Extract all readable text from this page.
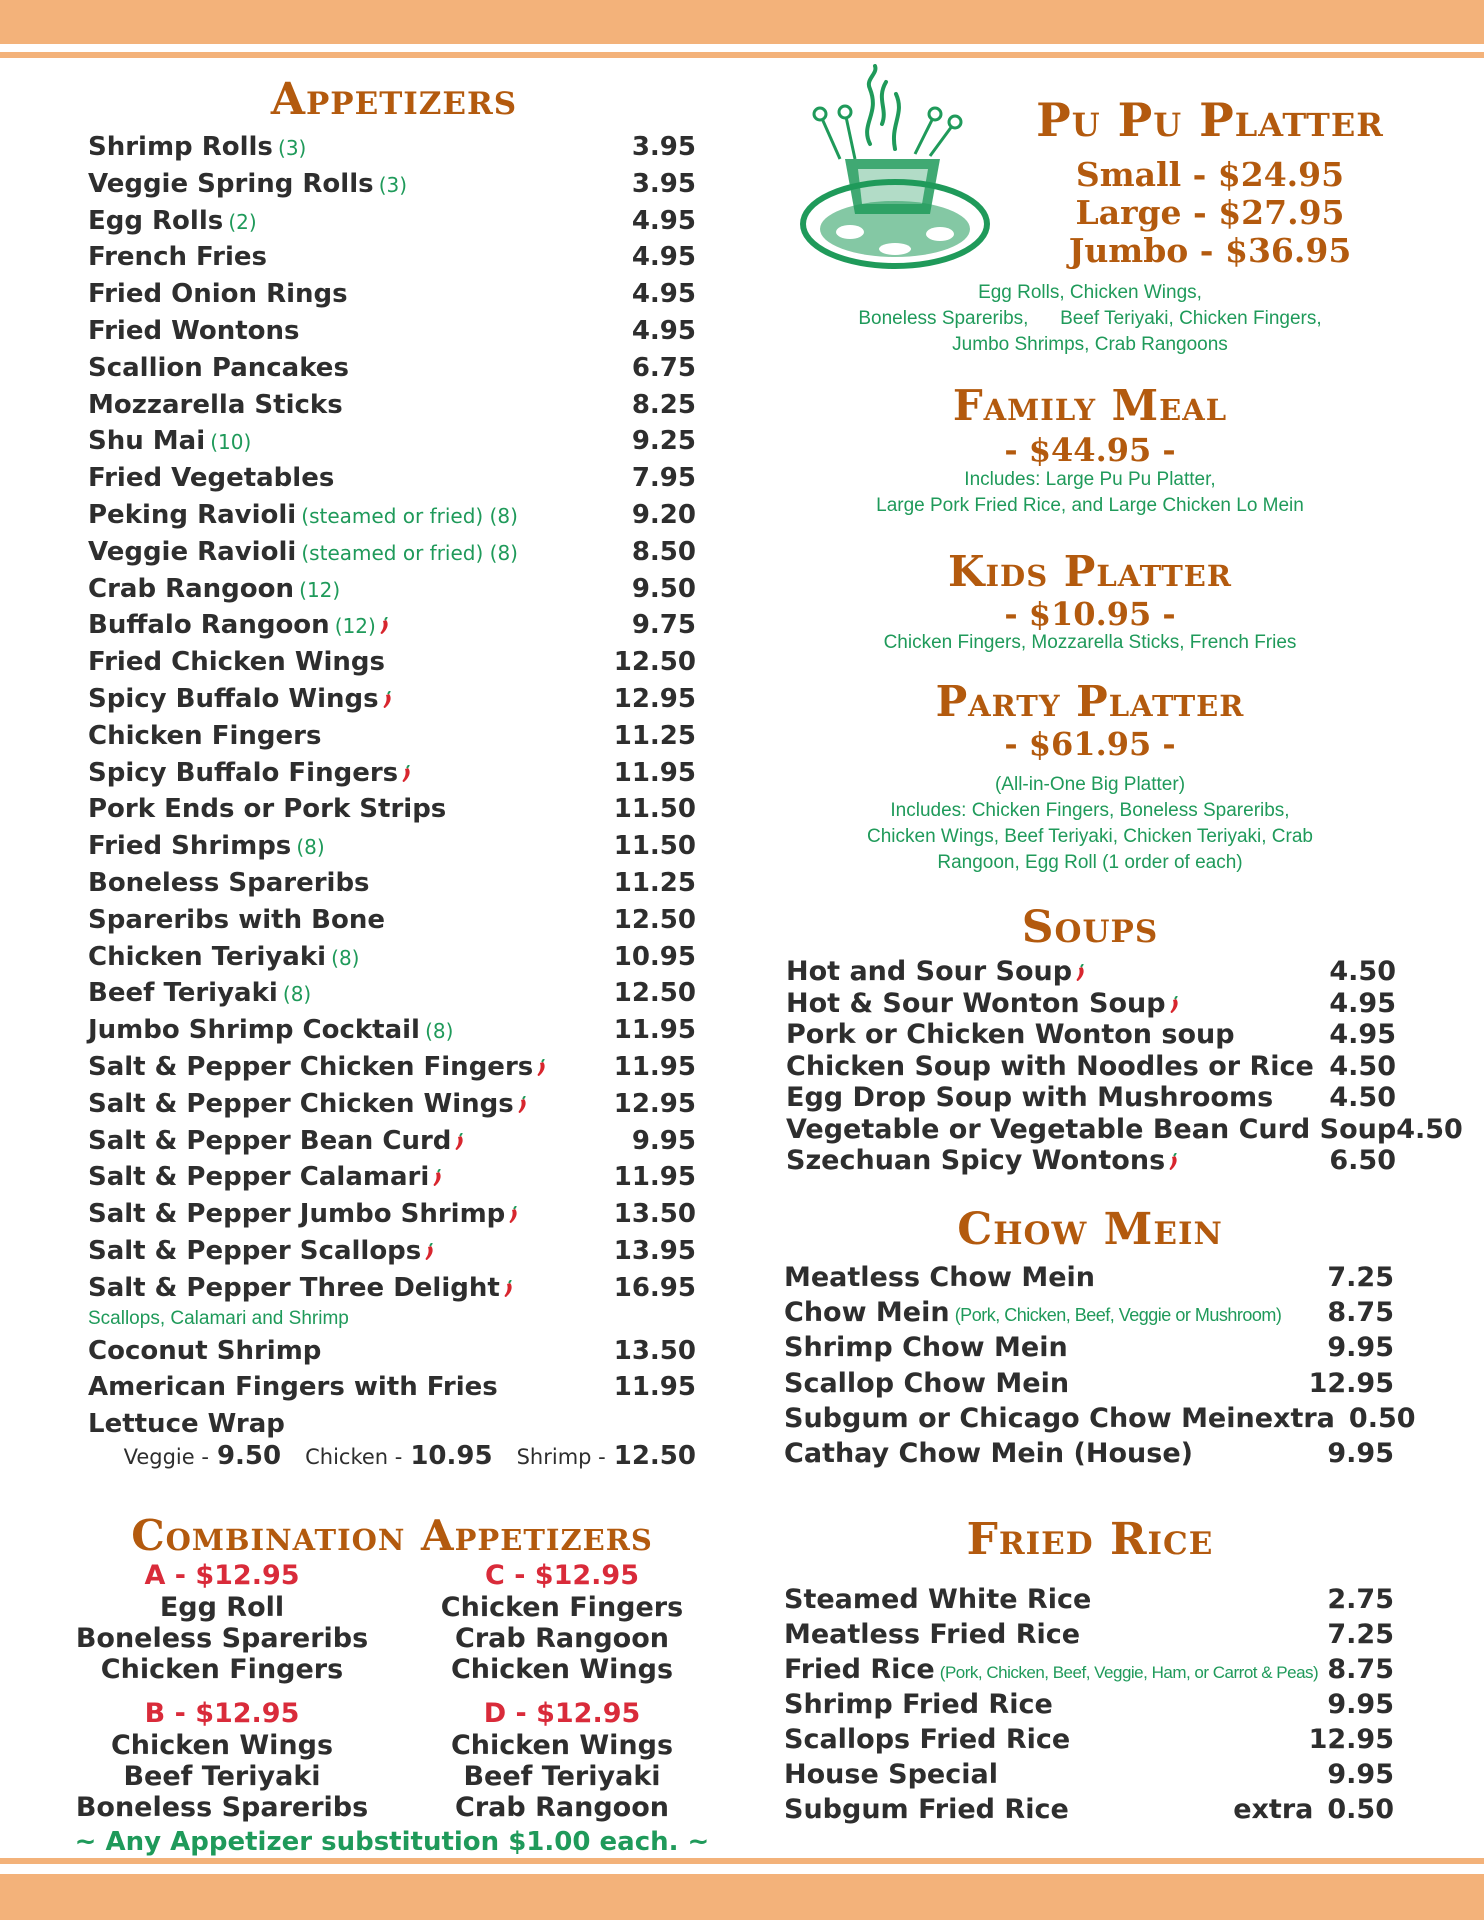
Appetizers
Shrimp Rolls (3)	3.95
Veggie Spring Rolls (3)	3.95
Egg Rolls (2)	4.95
French Fries	4.95
Fried Onion Rings	4.95
Fried Wontons	4.95
Scallion Pancakes	6.75
Mozzarella Sticks	8.25
Shu Mai (10)	9.25
Fried Vegetables	7.95
Peking Ravioli (steamed or fried) (8)	9.20
Veggie Ravioli (steamed or fried) (8)	8.50
Crab Rangoon (12)	9.50
Buffalo Rangoon (12)	9.75
Fried Chicken Wings	12.50
Spicy Buffalo Wings	12.95
Chicken Fingers	11.25
Spicy Buffalo Fingers	11.95
Pork Ends or Pork Strips	11.50
Fried Shrimps (8)	11.50
Boneless Spareribs	11.25
Spareribs with Bone	12.50
Chicken Teriyaki (8)	10.95
Beef Teriyaki (8)	12.50
Jumbo Shrimp Cocktail (8)	11.95
Salt & Pepper Chicken Fingers	11.95
Salt & Pepper Chicken Wings	12.95
Salt & Pepper Bean Curd	9.95
Salt & Pepper Calamari	11.95
Salt & Pepper Jumbo Shrimp	13.50
Salt & Pepper Scallops	13.95
Salt & Pepper Three Delight	16.95
Scallops, Calamari and Shrimp
Coconut Shrimp	13.50
American Fingers with Fries	11.95
Lettuce Wrap
Veggie - 9.50 Chicken - 10.95 Shrimp - 12.50
Combination Appetizers
A - $12.95
Egg Roll
Boneless Spareribs
Chicken Fingers
C - $12.95
Chicken Fingers
Crab Rangoon
Chicken Wings
B - $12.95
Chicken Wings
Beef Teriyaki
Boneless Spareribs
D - $12.95
Chicken Wings
Beef Teriyaki
Crab Rangoon
~ Any Appetizer substitution $1.00 each. ~
Pu Pu Platter
Small - $24.95
Large - $27.95
Jumbo - $36.95
Egg Rolls, Chicken Wings,
Boneless Spareribs,      Beef Teriyaki, Chicken Fingers,
Jumbo Shrimps, Crab Rangoons
Family Meal
- $44.95 -
Includes: Large Pu Pu Platter,
Large Pork Fried Rice, and Large Chicken Lo Mein
Kids Platter
- $10.95 -
Chicken Fingers, Mozzarella Sticks, French Fries
Party Platter
- $61.95 -
(All-in-One Big Platter)
Includes: Chicken Fingers, Boneless Spareribs,
Chicken Wings, Beef Teriyaki, Chicken Teriyaki, Crab
Rangoon, Egg Roll (1 order of each)
Soups
Hot and Sour Soup	4.50
Hot & Sour Wonton Soup	4.95
Pork or Chicken Wonton soup	4.95
Chicken Soup with Noodles or Rice 4.50
Egg Drop Soup with Mushrooms 4.50
Vegetable or Vegetable Bean Curd Soup 4.50
Szechuan Spicy Wontons	6.50
Chow Mein
Meatless Chow Mein	7.25
Chow Mein (Pork, Chicken, Beef, Veggie or Mushroom) 8.75
Shrimp Chow Mein	9.95
Scallop Chow Mein	12.95
Subgum or Chicago Chow Mein extra 0.50
Cathay Chow Mein (House)	9.95
Fried Rice
Steamed White Rice	2.75
Meatless Fried Rice	7.25
Fried Rice (Pork, Chicken, Beef, Veggie, Ham, or Carrot & Peas) 8.75
Shrimp Fried Rice	9.95
Scallops Fried Rice	12.95
House Special	9.95
Subgum Fried Rice	extra 0.50
